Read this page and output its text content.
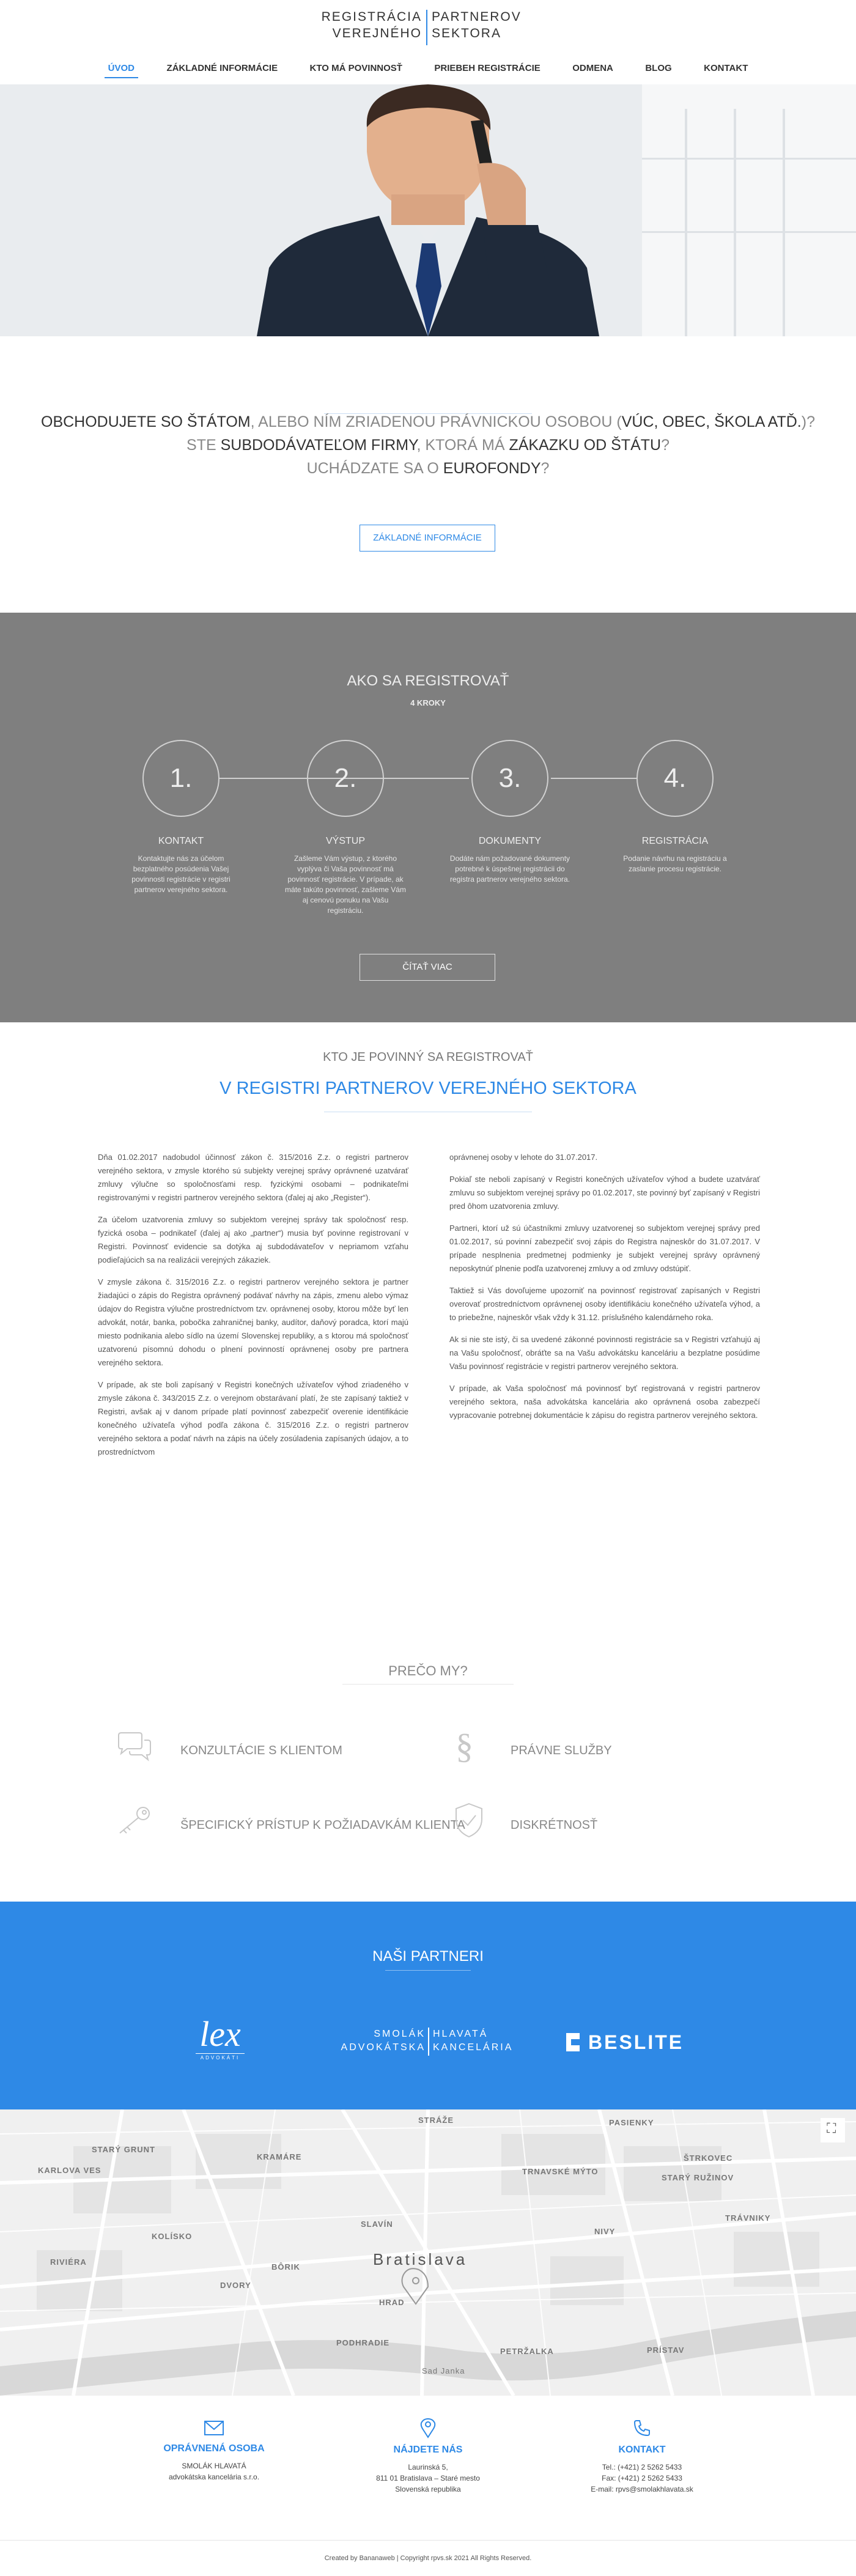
REGISTRÁCIA
VEREJNÉHO
PARTNEROV
SEKTORA
ÚVOD	ZÁKLADNÉ INFORMÁCIE	KTO MÁ POVINNOSŤ	PRIEBEH REGISTRÁCIE	ODMENA	BLOG	KONTAKT
OBCHODUJETE SO ŠTÁTOM, ALEBO NÍM ZRIADENOU PRÁVNICKOU OSOBOU (VÚC, OBEC, ŠKOLA ATĎ.)?
STE SUBDODÁVATEĽOM FIRMY, KTORÁ MÁ ZÁKAZKU OD ŠTÁTU?
UCHÁDZATE SA O EUROFONDY?
ZÁKLADNÉ INFORMÁCIE
AKO SA REGISTROVAŤ
4 KROKY
1.	2.	3.	4.
KONTAKT
Kontaktujte nás za účelom bezplatného posúdenia Vašej povinnosti registrácie v registri partnerov verejného sektora.
VÝSTUP
Zašleme Vám výstup, z ktorého vyplýva či Vaša povinnosť má povinnosť registrácie. V prípade, ak máte takúto povinnosť, zašleme Vám aj cenovú ponuku na Vašu registráciu.
DOKUMENTY
Dodáte nám požadované dokumenty potrebné k úspešnej registrácii do registra partnerov verejného sektora.
REGISTRÁCIA
Podanie návrhu na registráciu a zaslanie procesu registrácie.
ČÍTAŤ VIAC
KTO JE POVINNÝ SA REGISTROVAŤ
V REGISTRI PARTNEROV VEREJNÉHO SEKTORA

Dňa 01.02.2017 nadobudol účinnosť zákon č. 315/2016 Z.z. o registri partnerov verejného sektora, v zmysle ktorého sú subjekty verejnej správy oprávnené uzatvárať zmluvy výlučne so spoločnosťami resp. fyzickými osobami – podnikateľmi registrovanými v registri partnerov verejného sektora (ďalej aj ako „Register“).

Za účelom uzatvorenia zmluvy so subjektom verejnej správy tak spoločnosť resp. fyzická osoba – podnikateľ (ďalej aj ako „partner“) musia byť povinne registrovaní v Registri. Povinnosť evidencie sa dotýka aj subdodávateľov v nepriamom vzťahu podieľajúcich sa na realizácii verejných zákaziek.

V zmysle zákona č. 315/2016 Z.z. o registri partnerov verejného sektora je partner žiadajúci o zápis do Registra oprávnený podávať návrhy na zápis, zmenu alebo výmaz údajov do Registra výlučne prostredníctvom tzv. oprávnenej osoby, ktorou môže byť len advokát, notár, banka, pobočka zahraničnej banky, audítor, daňový poradca, ktorí majú miesto podnikania alebo sídlo na území Slovenskej republiky, a s ktorou má spoločnosť uzatvorenú písomnú dohodu o plnení povinností oprávnenej osoby pre partnera verejného sektora.

V prípade, ak ste boli zapísaný v Registri konečných užívateľov výhod zriadeného v zmysle zákona č. 343/2015 Z.z. o verejnom obstarávaní platí, že ste zapísaný taktiež v Registri, avšak aj v danom prípade platí povinnosť zabezpečiť overenie identifikácie konečného užívateľa výhod podľa zákona č. 315/2016 Z.z. o registri partnerov verejného sektora a podať návrh na zápis na účely zosúladenia zapísaných údajov, a to prostredníctvom

oprávnenej osoby v lehote do 31.07.2017.

Pokiaľ ste neboli zapísaný v Registri konečných užívateľov výhod a budete uzatvárať zmluvu so subjektom verejnej správy po 01.02.2017, ste povinný byť zapísaný v Registri pred ôhom uzatvorenia zmluvy.

Partneri, ktorí už sú účastníkmi zmluvy uzatvorenej so subjektom verejnej správy pred 01.02.2017, sú povinní zabezpečiť svoj zápis do Registra najneskôr do 31.07.2017. V prípade nesplnenia predmetnej podmienky je subjekt verejnej správy oprávnený neposkytnúť plnenie podľa uzatvorenej zmluvy a od zmluvy odstúpiť.

Taktiež si Vás dovoľujeme upozorniť na povinnosť registrovať zapísaných v Registri overovať prostredníctvom oprávnenej osoby identifikáciu konečného užívateľa výhod, a to priebežne, najneskôr však vždy k 31.12. príslušného kalendárneho roka.

Ak si nie ste istý, či sa uvedené zákonné povinnosti registrácie sa v Registri vzťahujú aj na Vašu spoločnosť, obráťte sa na Vašu advokátsku kanceláriu a bezplatne posúdime Vašu povinnosť registrácie v registri partnerov verejného sektora.

V prípade, ak Vaša spoločnosť má povinnosť byť registrovaná v registri partnerov verejného sektora, naša advokátska kancelária ako oprávnená osoba zabezpečí vypracovanie potrebnej dokumentácie k zápisu do registra partnerov verejného sektora.

PREČO MY?
KONZULTÁCIE S KLIENTOM	§	PRÁVNE SLUŽBY
ŠPECIFICKÝ PRÍSTUP K POŽIADAVKÁM KLIENTA	DISKRÉTNOSŤ
NAŠI PARTNERI
lex
ADVOKÁTI
SMOLÁK
ADVOKÁTSKA
HLAVATÁ
KANCELÁRIA	BESLITE
⛶
STRÁŽE	PASIENKY
KRAMÁRE	ŠTRKOVEC
STARÝ GRUNT
STARÝ RUŽINOV
KARLOVA VES	TRNAVSKÉ MÝTO
NIVY
TRÁVNIKY
SLAVÍN
RIVIÉRA
BÔRIK
HRAD
PODHRADIE
PETRŽALKA	PRÍSTAV
DVORY
KOLÍSKO
Sad Janka
Bratislava
OPRÁVNENÁ OSOBA
SMOLÁK HLAVATÁ
advokátska kancelária s.r.o.
NÁJDETE NÁS
Laurinská 5,
811 01 Bratislava – Staré mesto
Slovenská republika
KONTAKT
Tel.: (+421) 2 5262 5433
Fax: (+421) 2 5262 5433
E-mail: rpvs@smolakhlavata.sk
Created by Bananaweb | Copyright rpvs.sk 2021 All Rights Reserved.
